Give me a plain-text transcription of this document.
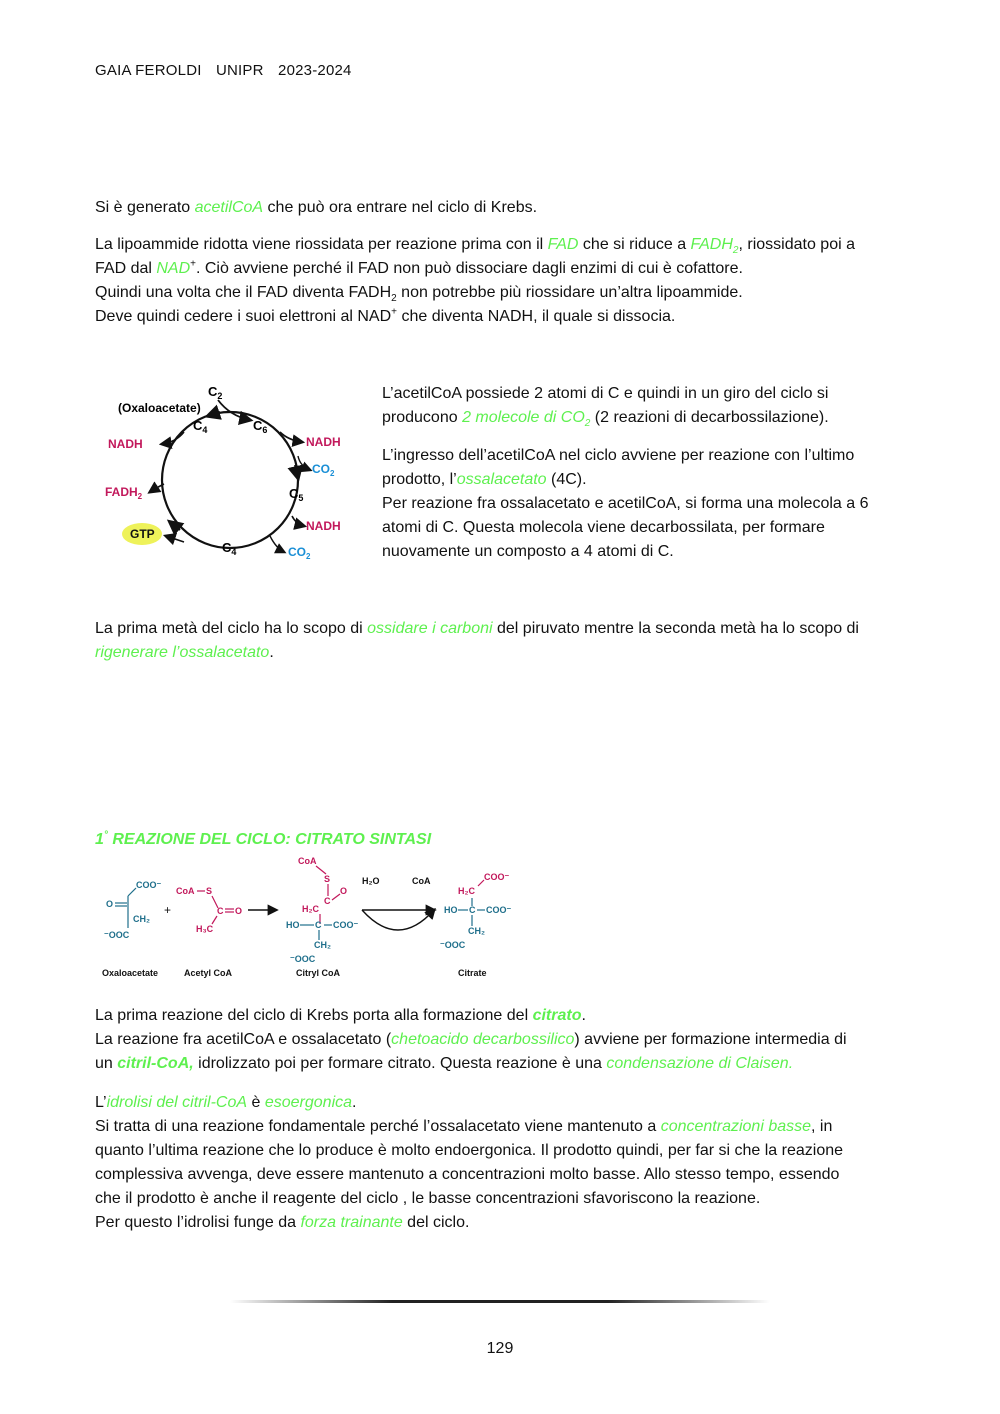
GAIA FEROLDI UNIPR 2023-2024
Si è generato acetilCoA che può ora entrare nel ciclo di Krebs.
La lipoammide ridotta viene riossidata per reazione prima con il FAD che si riduce a $FADH_2$, riossidato poi a
FAD dal NAD+. Ciò avviene perché il FAD non può dissociare dagli enzimi di cui è cofattore.
Quindi una volta che il FAD diventa $FADH_2$ non potrebbe più riossidare un’altra lipoammide.
Deve quindi cedere i suoi elettroni al NAD+ che diventa NADH, il quale si dissocia.
$C_2$
(Oxaloacetate)
$C_4$	$C_6$
$C_5$
$C_4$
NADH	NADH
$CO_2$
NADH
$CO_2$
$FADH_2$
GTP
L’acetilCoA possiede 2 atomi di C e quindi in un giro del ciclo si
producono 2 molecole di $CO_2$ (2 reazioni di decarbossilazione).
L’ingresso dell’acetilCoA nel ciclo avviene per reazione con l’ultimo
prodotto, l’ossalacetato (4C).
Per reazione fra ossalacetato e acetilCoA, si forma una molecola a 6
atomi di C. Questa molecola viene decarbossilata, per formare
nuovamente un composto a 4 atomi di C.
La prima metà del ciclo ha lo scopo di ossidare i carboni del piruvato mentre la seconda metà ha lo scopo di
rigenerare l’ossalacetato.
1° REAZIONE DEL CICLO: CITRATO SINTASI
COO⁻
O
CH₂
⁻OOC
Oxaloacetate
+
CoA S
C O
H₃C
Acetyl CoA
CoA
S
C
O
H₂C
HO C COO⁻
CH₂
⁻OOC
Citryl CoA
H₂O	CoA	COO⁻
H₂C
HO C COO⁻
CH₂
⁻OOC
Citrate
La prima reazione del ciclo di Krebs porta alla formazione del citrato.
La reazione fra acetilCoA e ossalacetato (chetoacido decarbossilico) avviene per formazione intermedia di
un citril-CoA, idrolizzato poi per formare citrato. Questa reazione è una condensazione di Claisen.
L’idrolisi del citril-CoA è esoergonica.
Si tratta di una reazione fondamentale perché l’ossalacetato viene mantenuto a concentrazioni basse, in
quanto l’ultima reazione che lo produce è molto endoergonica. Il prodotto quindi, per far si che la reazione
complessiva avvenga, deve essere mantenuto a concentrazioni molto basse. Allo stesso tempo, essendo
che il prodotto è anche il reagente del ciclo , le basse concentrazioni sfavoriscono la reazione.
Per questo l’idrolisi funge da forza trainante del ciclo.
129
